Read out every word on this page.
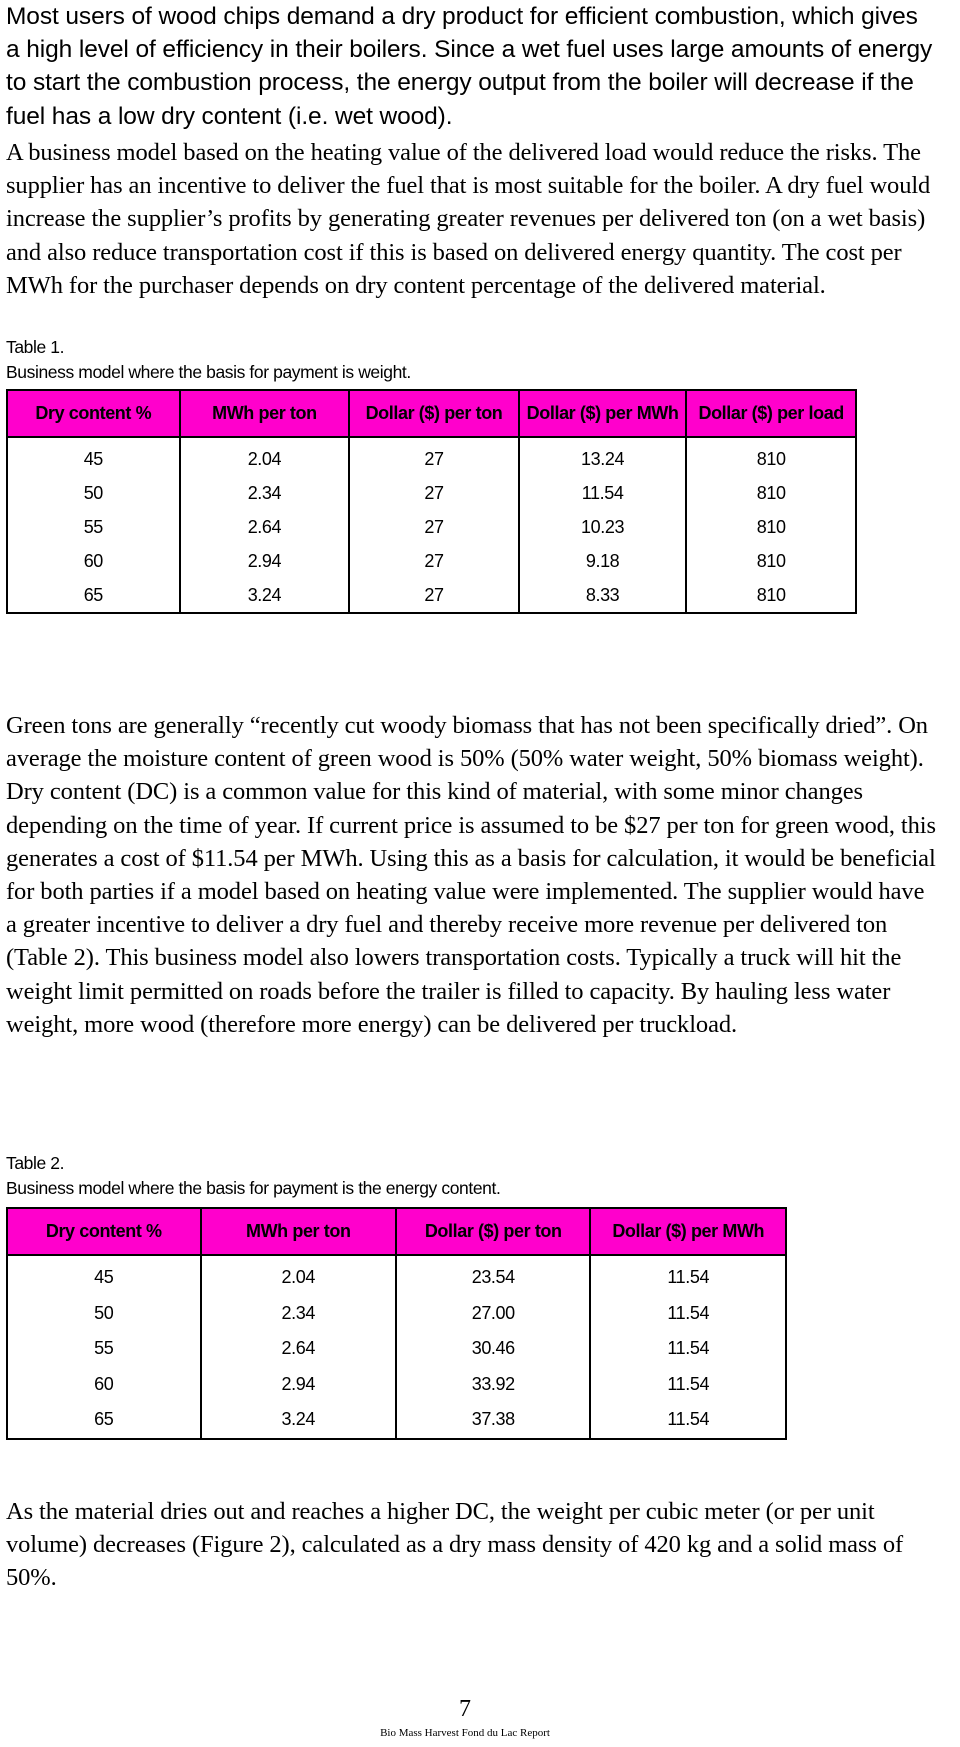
Most users of wood chips demand a dry product for efficient combustion, which gives a high level of efficiency in their boilers. Since a wet fuel uses large amounts of energy to start the combustion process, the energy output from the boiler will decrease if the fuel has a low dry content (i.e. wet wood).

A business model based on the heating value of the delivered load would reduce the risks. The supplier has an incentive to deliver the fuel that is most suitable for the boiler. A dry fuel would increase the supplier’s profits by generating greater revenues per delivered ton (on a wet basis) and also reduce transportation cost if this is based on delivered energy quantity. The cost per MWh for the purchaser depends on dry content percentage of the delivered material.

Table 1.
Business model where the basis for payment is weight.

Dry content %	MWh per ton	Dollar ($) per ton	Dollar ($) per MWh	Dollar ($) per load
45	2.04	27	13.24	810
50	2.34	27	11.54	810
55	2.64	27	10.23	810
60	2.94	27	9.18	810
65	3.24	27	8.33	810

Green tons are generally “recently cut woody biomass that has not been specifically dried”. On average the moisture content of green wood is 50% (50% water weight, 50% biomass weight). Dry content (DC) is a common value for this kind of material, with some minor changes depending on the time of year. If current price is assumed to be $27 per ton for green wood, this generates a cost of $11.54 per MWh. Using this as a basis for calculation, it would be beneficial for both parties if a model based on heating value were implemented. The supplier would have a greater incentive to deliver a dry fuel and thereby receive more revenue per delivered ton (Table 2). This business model also lowers transportation costs. Typically a truck will hit the weight limit permitted on roads before the trailer is filled to capacity. By hauling less water weight, more wood (therefore more energy) can be delivered per truckload.

Table 2.
Business model where the basis for payment is the energy content.

Dry content %	MWh per ton	Dollar ($) per ton	Dollar ($) per MWh
45	2.04	23.54	11.54
50	2.34	27.00	11.54
55	2.64	30.46	11.54
60	2.94	33.92	11.54
65	3.24	37.38	11.54

As the material dries out and reaches a higher DC, the weight per cubic meter (or per unit volume) decreases (Figure 2), calculated as a dry mass density of 420 kg and a solid mass of 50%.

7
Bio Mass Harvest Fond du Lac Report
